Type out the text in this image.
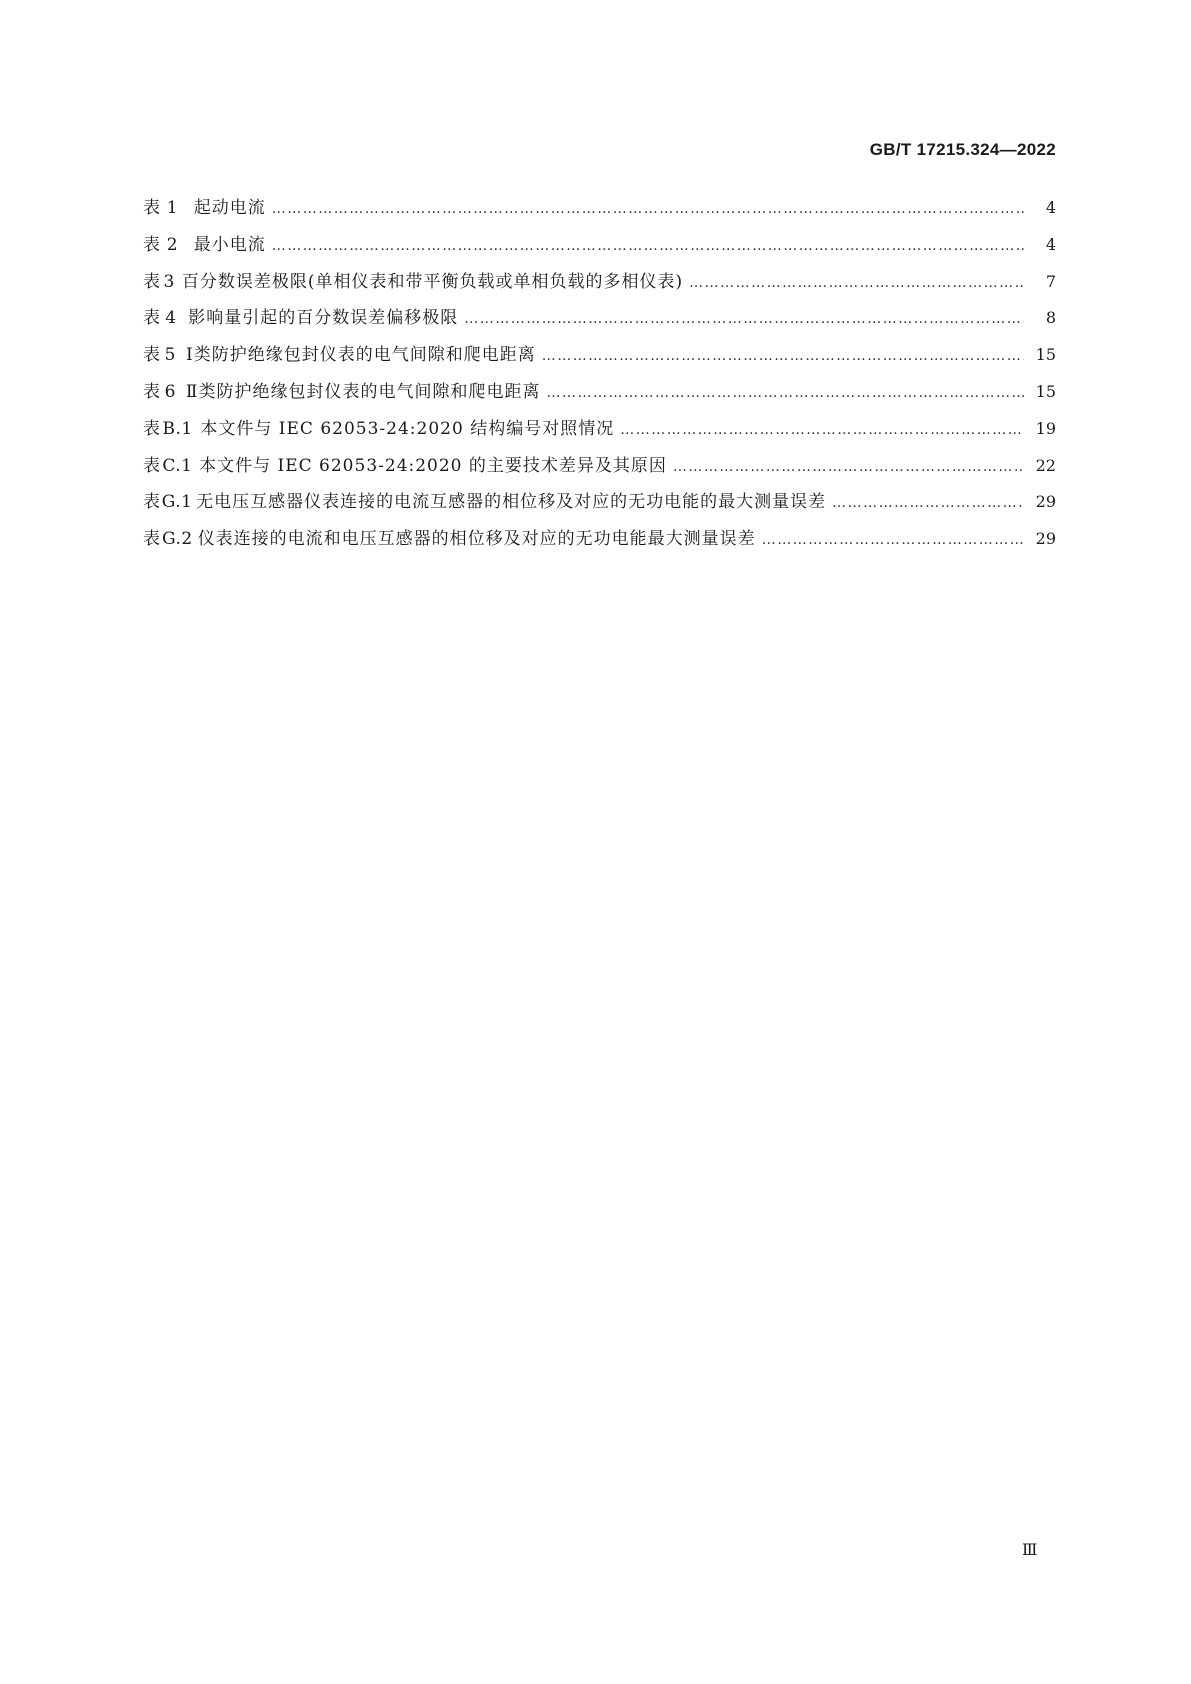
GB/T 17215.324—2022
表 1 起动电流 ……………………………………………………………………………………………………………………………………………………………………………………	4
表 2 最小电流 ……………………………………………………………………………………………………………………………………………………………………………………	4
表 3 百分数误差极限(单相仪表和带平衡负载或单相负载的多相仪表) ……………………………………………………………………………………………………………………………………………………………………………………	7
表 4 影响量引起的百分数误差偏移极限 ……………………………………………………………………………………………………………………………………………………………………………………	8
表 5 Ⅰ类防护绝缘包封仪表的电气间隙和爬电距离 ……………………………………………………………………………………………………………………………………………………………………………………	15
表 6 Ⅱ类防护绝缘包封仪表的电气间隙和爬电距离 ……………………………………………………………………………………………………………………………………………………………………………………	15
表 B.1 本文件与 IEC 62053-24:2020 结构编号对照情况 ……………………………………………………………………………………………………………………………………………………………………………………	19
表 C.1 本文件与 IEC 62053-24:2020 的主要技术差异及其原因 ……………………………………………………………………………………………………………………………………………………………………………………	22
表 G.1 无电压互感器仪表连接的电流互感器的相位移及对应的无功电能的最大测量误差 ……………………………………………………………………………………………………………………………………………………………………………………	29
表 G.2 仪表连接的电流和电压互感器的相位移及对应的无功电能最大测量误差 ……………………………………………………………………………………………………………………………………………………………………………………	29
Ⅲ
